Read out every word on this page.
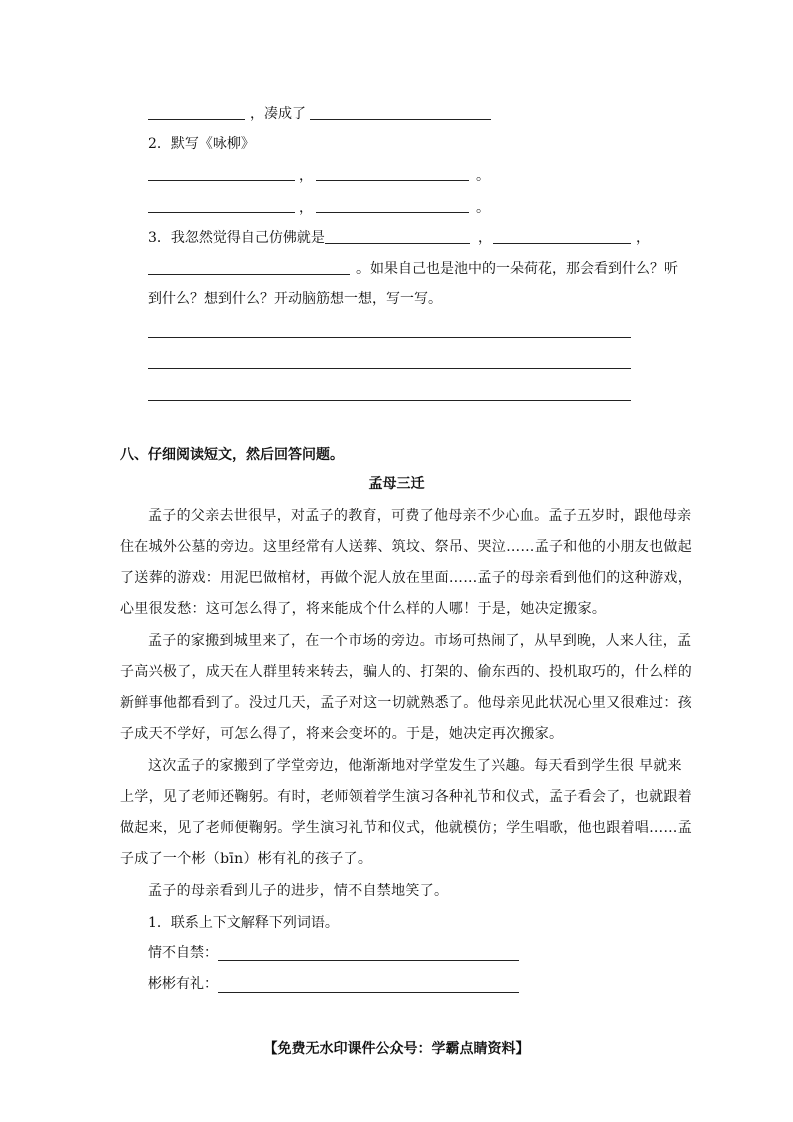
，凑成了
2．默写《咏柳》
，	。
，	。
3．我忽然觉得自己仿佛就是	，	，
。如果自己也是池中的一朵荷花，那会看到什么？听
到什么？想到什么？开动脑筋想一想，写一写。
八、仔细阅读短文，然后回答问题。
孟母三迁
孟子的父亲去世很早，对孟子的教育，可费了他母亲不少心血。孟子五岁时，跟他母亲
住在城外公墓的旁边。这里经常有人送葬、筑坟、祭吊、哭泣……孟子和他的小朋友也做起
了送葬的游戏：用泥巴做棺材，再做个泥人放在里面……孟子的母亲看到他们的这种游戏，
心里很发愁：这可怎么得了，将来能成个什么样的人哪！于是，她决定搬家。
孟子的家搬到城里来了，在一个市场的旁边。市场可热闹了，从早到晚，人来人往，孟
子高兴极了，成天在人群里转来转去，骗人的、打架的、偷东西的、投机取巧的，什么样的
新鲜事他都看到了。没过几天，孟子对这一切就熟悉了。他母亲见此状况心里又很难过：孩
子成天不学好，可怎么得了，将来会变坏的。于是，她决定再次搬家。
这次孟子的家搬到了学堂旁边，他渐渐地对学堂发生了兴趣。每天看到学生很 早就来
上学，见了老师还鞠躬。有时，老师领着学生演习各种礼节和仪式，孟子看会了，也就跟着
做起来，见了老师便鞠躬。学生演习礼节和仪式，他就模仿；学生唱歌，他也跟着唱……孟
子成了一个彬（bīn）彬有礼的孩子了。
孟子的母亲看到儿子的进步，情不自禁地笑了。
1．联系上下文解释下列词语。
情不自禁：
彬彬有礼：
【免费无水印课件公众号：学霸点睛资料】
